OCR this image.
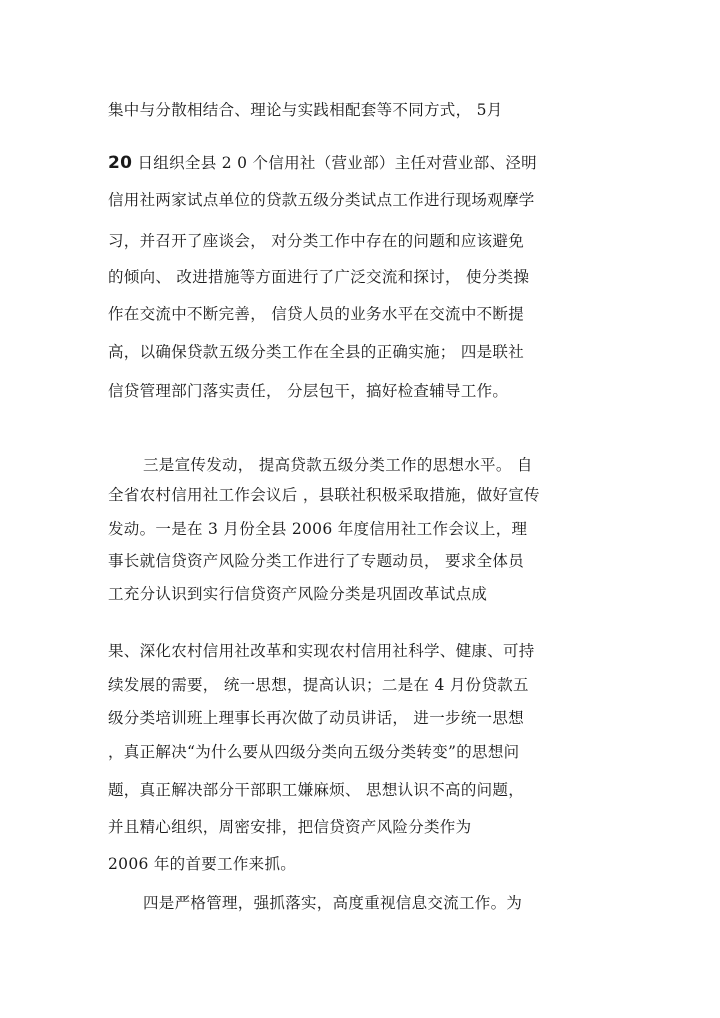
集中与分散相结合、理论与实践相配套等不同方式， 5月
20 日组织全县 2 0 个信用社（营业部）主任对营业部、泾明
信用社两家试点单位的贷款五级分类试点工作进行现场观摩学
习，并召开了座谈会， 对分类工作中存在的问题和应该避免
的倾向、 改进措施等方面进行了广泛交流和探讨， 使分类操
作在交流中不断完善， 信贷人员的业务水平在交流中不断提
高，以确保贷款五级分类工作在全县的正确实施； 四是联社
信贷管理部门落实责任， 分层包干，搞好检查辅导工作。
三是宣传发动， 提高贷款五级分类工作的思想水平。 自
全省农村信用社工作会议后 ，县联社积极采取措施，做好宣传
发动。一是在 3 月份全县 2006 年度信用社工作会议上，理
事长就信贷资产风险分类工作进行了专题动员， 要求全体员
工充分认识到实行信贷资产风险分类是巩固改革试点成
果、深化农村信用社改革和实现农村信用社科学、健康、可持
续发展的需要， 统一思想，提高认识；二是在 4 月份贷款五
级分类培训班上理事长再次做了动员讲话， 进一步统一思想
，真正解决“为什么要从四级分类向五级分类转变”的思想问
题，真正解决部分干部职工嫌麻烦、 思想认识不高的问题，
并且精心组织，周密安排，把信贷资产风险分类作为
2006 年的首要工作来抓。
四是严格管理，强抓落实，高度重视信息交流工作。为
